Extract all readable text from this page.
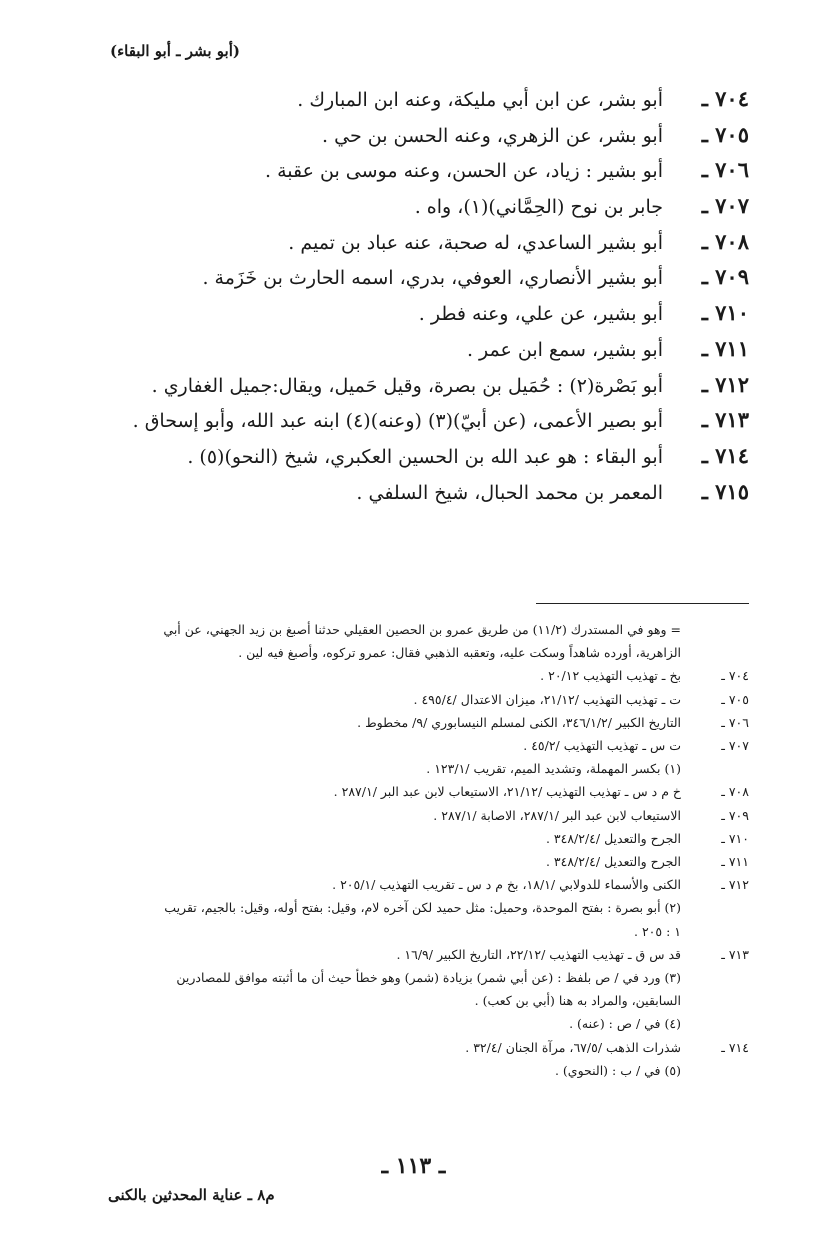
(أبو بشر ـ أبو البقاء)
٧٠٤ ـ
أبو بشر، عن ابن أبي مليكة، وعنه ابن المبارك .
٧٠٥ ـ
أبو بشر، عن الزهري، وعنه الحسن بن حي .
٧٠٦ ـ
أبو بشير : زياد، عن الحسن، وعنه موسى بن عقبة .
٧٠٧ ـ
جابر بن نوح (الحِمَّاني)(١)، واه .
٧٠٨ ـ
أبو بشير الساعدي، له صحبة، عنه عباد بن تميم .
٧٠٩ ـ
أبو بشير الأنصاري، العوفي، بدري، اسمه الحارث بن خَزَمة .
٧١٠ ـ
أبو بشير، عن علي، وعنه فطر .
٧١١ ـ
أبو بشير، سمع ابن عمر .
٧١٢ ـ
أبو بَصْرة(٢) : حُمَيل بن بصرة، وقيل حَميل، ويقال:جميل الغفاري .
٧١٣ ـ
أبو بصير الأعمى، (عن أبيّ)(٣) (وعنه)(٤) ابنه عبد الله، وأبو إسحاق .
٧١٤ ـ
أبو البقاء : هو عبد الله بن الحسين العكبري، شيخ (النحو)(٥) .
٧١٥ ـ
المعمر بن محمد الحبال، شيخ السلفي .
= وهو في المستدرك (١١/٢) من طريق عمرو بن الحصين العقيلي حدثنا أصبغ بن زيد الجهني، عن أبي
الزاهرية، أورده شاهداً وسكت عليه، وتعقبه الذهبي فقال: عمرو تركوه، وأصبغ فيه لين .
٧٠٤ ـ
بخ ـ تهذيب التهذيب ٢٠/١٢ .
٧٠٥ ـ
ت ـ تهذيب التهذيب /٢١/١٢، ميزان الاعتدال /٤٩٥/٤ .
٧٠٦ ـ
التاريخ الكبير /٣٤٦/١/٢، الكنى لمسلم النيسابوري /٩/ مخطوط .
٧٠٧ ـ
ت س ـ تهذيب التهذيب /٤٥/٢ .
(١) بكسر المهملة، وتشديد الميم، تقريب /١٢٣/١ .
٧٠٨ ـ
خ م د س ـ تهذيب التهذيب /٢١/١٢، الاستيعاب لابن عبد البر /٢٨٧/١ .
٧٠٩ ـ
الاستيعاب لابن عبد البر /٢٨٧/١، الاصابة /٢٨٧/١ .
٧١٠ ـ
الجرح والتعديل /٣٤٨/٢/٤ .
٧١١ ـ
الجرح والتعديل /٣٤٨/٢/٤ .
٧١٢ ـ
الكنى والأسماء للدولابي /١٨/١، بخ م د س ـ تقريب التهذيب /٢٠٥/١ .
(٢) أبو بصرة : بفتح الموحدة، وحميل: مثل حميد لكن آخره لام، وقيل: بفتح أوله، وقيل: بالجيم، تقريب
١ : ٢٠٥ .
٧١٣ ـ
قد س ق ـ تهذيب التهذيب /٢٢/١٢، التاريخ الكبير /١٦/٩ .
(٣) ورد في / ص بلفظ : (عن أبي شمر) بزيادة (شمر) وهو خطأ حيث أن ما أثبته موافق للمصادرين
السابقين، والمراد به هنا (أبي بن كعب) .
(٤) في / ص : (عنه) .
٧١٤ ـ
شذرات الذهب /٦٧/٥، مرآة الجنان /٣٢/٤ .
(٥) في / ب : (النحوي) .
ـ ١١٣ ـ
م٨ ـ عناية المحدثين بالكنى
